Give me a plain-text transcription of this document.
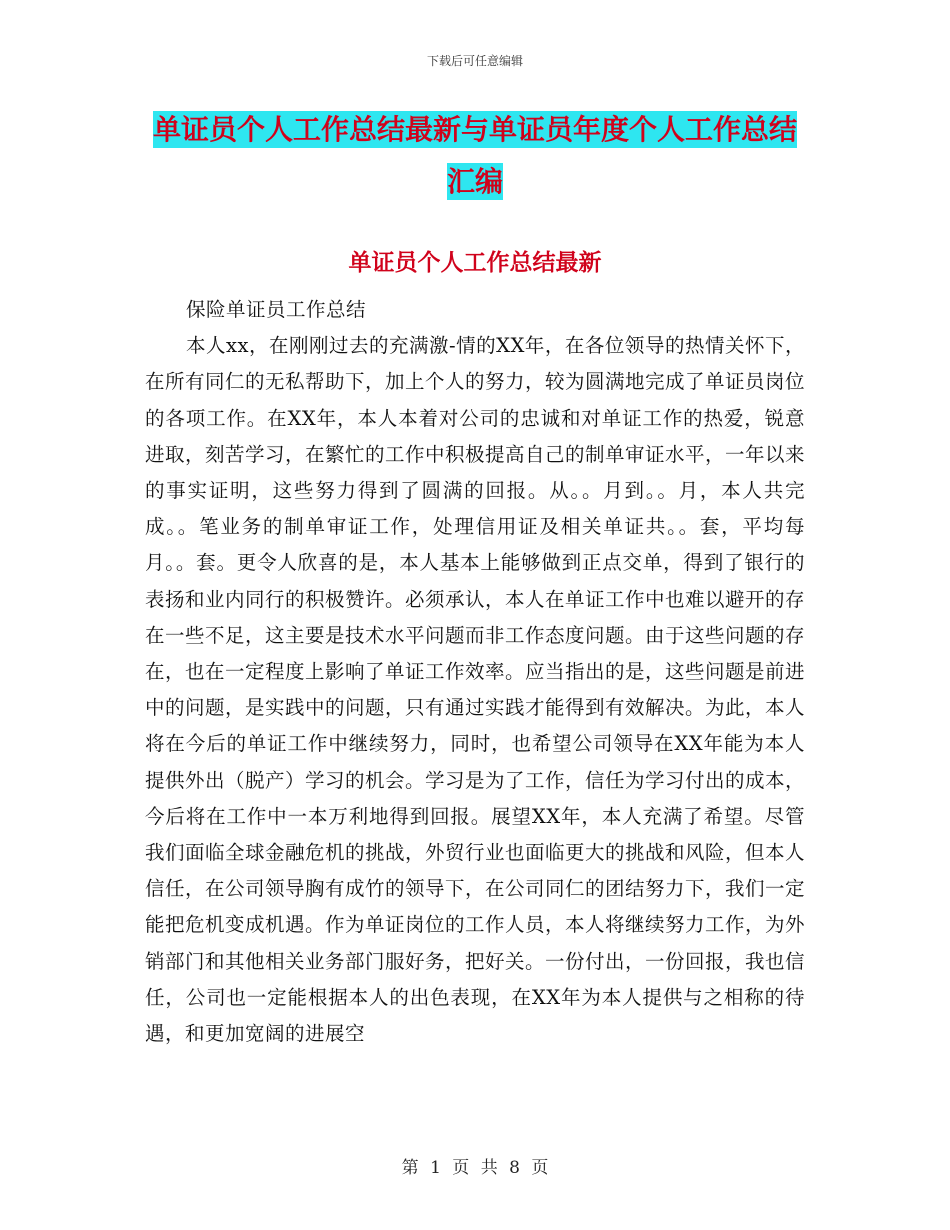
下载后可任意编辑
单证员个人工作总结最新与单证员年度个人工作总结
汇编
单证员个人工作总结最新

保险单证员工作总结

本人xx，在刚刚过去的充满激-情的XX年，在各位领导的热情关怀下，在所有同仁的无私帮助下，加上个人的努力，较为圆满地完成了单证员岗位的各项工作。在XX年，本人本着对公司的忠诚和对单证工作的热爱，锐意进取，刻苦学习，在繁忙的工作中积极提高自己的制单审证水平，一年以来的事实证明，这些努力得到了圆满的回报。从。。月到。。月，本人共完成。。笔业务的制单审证工作，处理信用证及相关单证共。。套，平均每月。。套。更令人欣喜的是，本人基本上能够做到正点交单，得到了银行的表扬和业内同行的积极赞许。必须承认，本人在单证工作中也难以避开的存在一些不足，这主要是技术水平问题而非工作态度问题。由于这些问题的存在，也在一定程度上影响了单证工作效率。应当指出的是，这些问题是前进中的问题，是实践中的问题，只有通过实践才能得到有效解决。为此，本人将在今后的单证工作中继续努力，同时，也希望公司领导在XX年能为本人提供外出（脱产）学习的机会。学习是为了工作，信任为学习付出的成本，今后将在工作中一本万利地得到回报。展望XX年，本人充满了希望。尽管我们面临全球金融危机的挑战，外贸行业也面临更大的挑战和风险，但本人信任，在公司领导胸有成竹的领导下，在公司同仁的团结努力下，我们一定能把危机变成机遇。作为单证岗位的工作人员，本人将继续努力工作，为外销部门和其他相关业务部门服好务，把好关。一份付出，一份回报，我也信任，公司也一定能根据本人的出色表现，在XX年为本人提供与之相称的待遇，和更加宽阔的进展空

第 1 页 共 8 页
